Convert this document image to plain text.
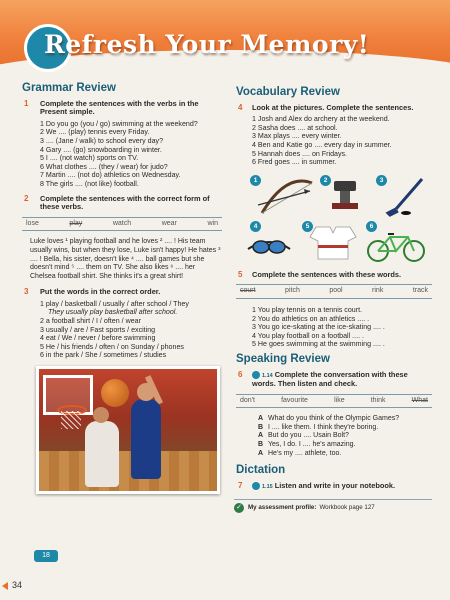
Refresh Your Memory!
Grammar Review
1 Complete the sentences with the verbs in the Present simple.
1 Do you go (you / go) swimming at the weekend?
2 We .... (play) tennis every Friday.
3 .... (Jane / walk) to school every day?
4 Gary .... (go) snowboarding in winter.
5 I .... (not watch) sports on TV.
6 What clothes .... (they / wear) for judo?
7 Martin .... (not do) athletics on Wednesday.
8 The girls .... (not like) football.
2 Complete the sentences with the correct form of these verbs.
lose	play	watch	wear	win

Luke loves ¹ playing football and he loves ² .... ! His team usually wins, but when they lose, Luke isn't happy! He hates ³ .... ! Bella, his sister, doesn't like ⁴ .... ball games but she doesn't mind ⁵ .... them on TV. She also likes ⁶ .... her Chelsea football shirt. She thinks it's a great shirt!

3 Put the words in the correct order.
1 play / basketball / usually / after school / They
They usually play basketball after school.
2 a football shirt / I / often / wear
3 usually / are / Fast sports / exciting
4 eat / We / never / before swimming
5 He / his friends / often / on Sunday / phones
6 in the park / She / sometimes / studies
Vocabulary Review
4 Look at the pictures. Complete the sentences.
1 Josh and Alex do archery at the weekend.
2 Sasha does .... at school.
3 Max plays .... every winter.
4 Ben and Katie go .... every day in summer.
5 Hannah does .... on Fridays.
6 Fred goes .... in summer.
1	2	3
4	5	6
5 Complete the sentences with these words.
court	pitch	pool	rink	track
1 You play tennis on a tennis court.
2 You do athletics on an athletics .... .
3 You go ice-skating at the ice-skating .... .
4 You play football on a football .... .
5 He goes swimming at the swimming .... .
Speaking Review
6	1.14 Complete the conversation with these words. Then listen and check.
don't	favourite	like	think	What
A What do you think of the Olympic Games?
B I .... like them. I think they're boring.
A But do you .... Usain Bolt?
B Yes, I do. I .... he's amazing.
A He's my .... athlete, too.
Dictation
7	1.15 Listen and write in your notebook.
✓ My assessment profile: Workbook page 127
18
34
